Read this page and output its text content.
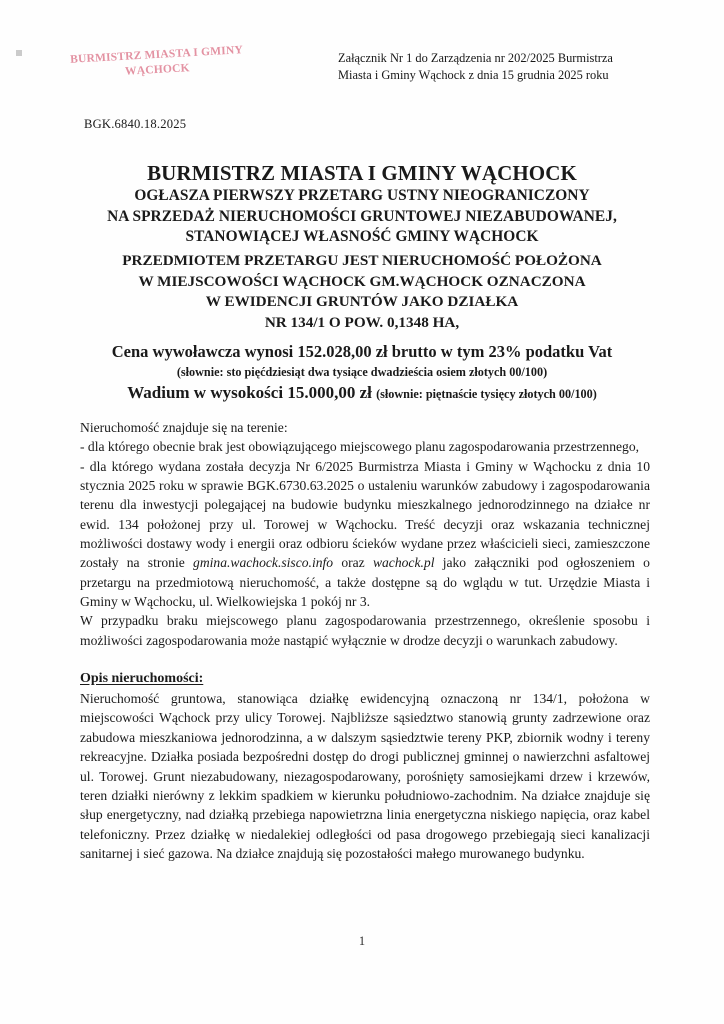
BURMISTRZ MIASTA I GMINY
WĄCHOCK
Załącznik Nr 1 do Zarządzenia nr 202/2025 Burmistrza
Miasta i Gminy Wąchock z dnia 15 grudnia 2025 roku
BGK.6840.18.2025
BURMISTRZ MIASTA I GMINY WĄCHOCK
OGŁASZA PIERWSZY PRZETARG USTNY NIEOGRANICZONY
NA SPRZEDAŻ NIERUCHOMOŚCI GRUNTOWEJ NIEZABUDOWANEJ,
STANOWIĄCEJ WŁASNOŚĆ GMINY WĄCHOCK
PRZEDMIOTEM PRZETARGU JEST NIERUCHOMOŚĆ POŁOŻONA
W MIEJSCOWOŚCI WĄCHOCK GM.WĄCHOCK OZNACZONA
W EWIDENCJI GRUNTÓW JAKO DZIAŁKA
NR 134/1 O POW. 0,1348 HA,
Cena wywoławcza wynosi 152.028,00 zł brutto w tym 23% podatku Vat
(słownie: sto pięćdziesiąt dwa tysiące dwadzieścia osiem złotych 00/100)
Wadium w wysokości 15.000,00 zł (słownie: piętnaście tysięcy złotych 00/100)

Nieruchomość znajduje się na terenie:

- dla którego obecnie brak jest obowiązującego miejscowego planu zagospodarowania przestrzennego,

- dla którego wydana została decyzja Nr 6/2025 Burmistrza Miasta i Gminy w Wąchocku z dnia 10 stycznia 2025 roku w sprawie BGK.6730.63.2025 o ustaleniu warunków zabudowy i zagospodarowania terenu dla inwestycji polegającej na budowie budynku mieszkalnego jednorodzinnego na działce nr ewid. 134 położonej przy ul. Torowej w Wąchocku. Treść decyzji oraz wskazania technicznej możliwości dostawy wody i energii oraz odbioru ścieków wydane przez właścicieli sieci, zamieszczone zostały na stronie gmina.wachock.sisco.info oraz wachock.pl jako załączniki pod ogłoszeniem o przetargu na przedmiotową nieruchomość, a także dostępne są do wglądu w tut. Urzędzie Miasta i Gminy w Wąchocku, ul. Wielkowiejska 1 pokój nr 3.

W przypadku braku miejscowego planu zagospodarowania przestrzennego, określenie sposobu i możliwości zagospodarowania może nastąpić wyłącznie w drodze decyzji o warunkach zabudowy.

Opis nieruchomości:

Nieruchomość gruntowa, stanowiąca działkę ewidencyjną oznaczoną nr 134/1, położona w miejscowości Wąchock przy ulicy Torowej. Najbliższe sąsiedztwo stanowią grunty zadrzewione oraz zabudowa mieszkaniowa jednorodzinna, a w dalszym sąsiedztwie tereny PKP, zbiornik wodny i tereny rekreacyjne. Działka posiada bezpośredni dostęp do drogi publicznej gminnej o nawierzchni asfaltowej ul. Torowej. Grunt niezabudowany, niezagospodarowany, porośnięty samosiejkami drzew i krzewów, teren działki nierówny z lekkim spadkiem w kierunku południowo-zachodnim. Na działce znajduje się słup energetyczny, nad działką przebiega napowietrzna linia energetyczna niskiego napięcia, oraz kabel telefoniczny. Przez działkę w niedalekiej odległości od pasa drogowego przebiegają sieci kanalizacji sanitarnej i sieć gazowa. Na działce znajdują się pozostałości małego murowanego budynku.

1
